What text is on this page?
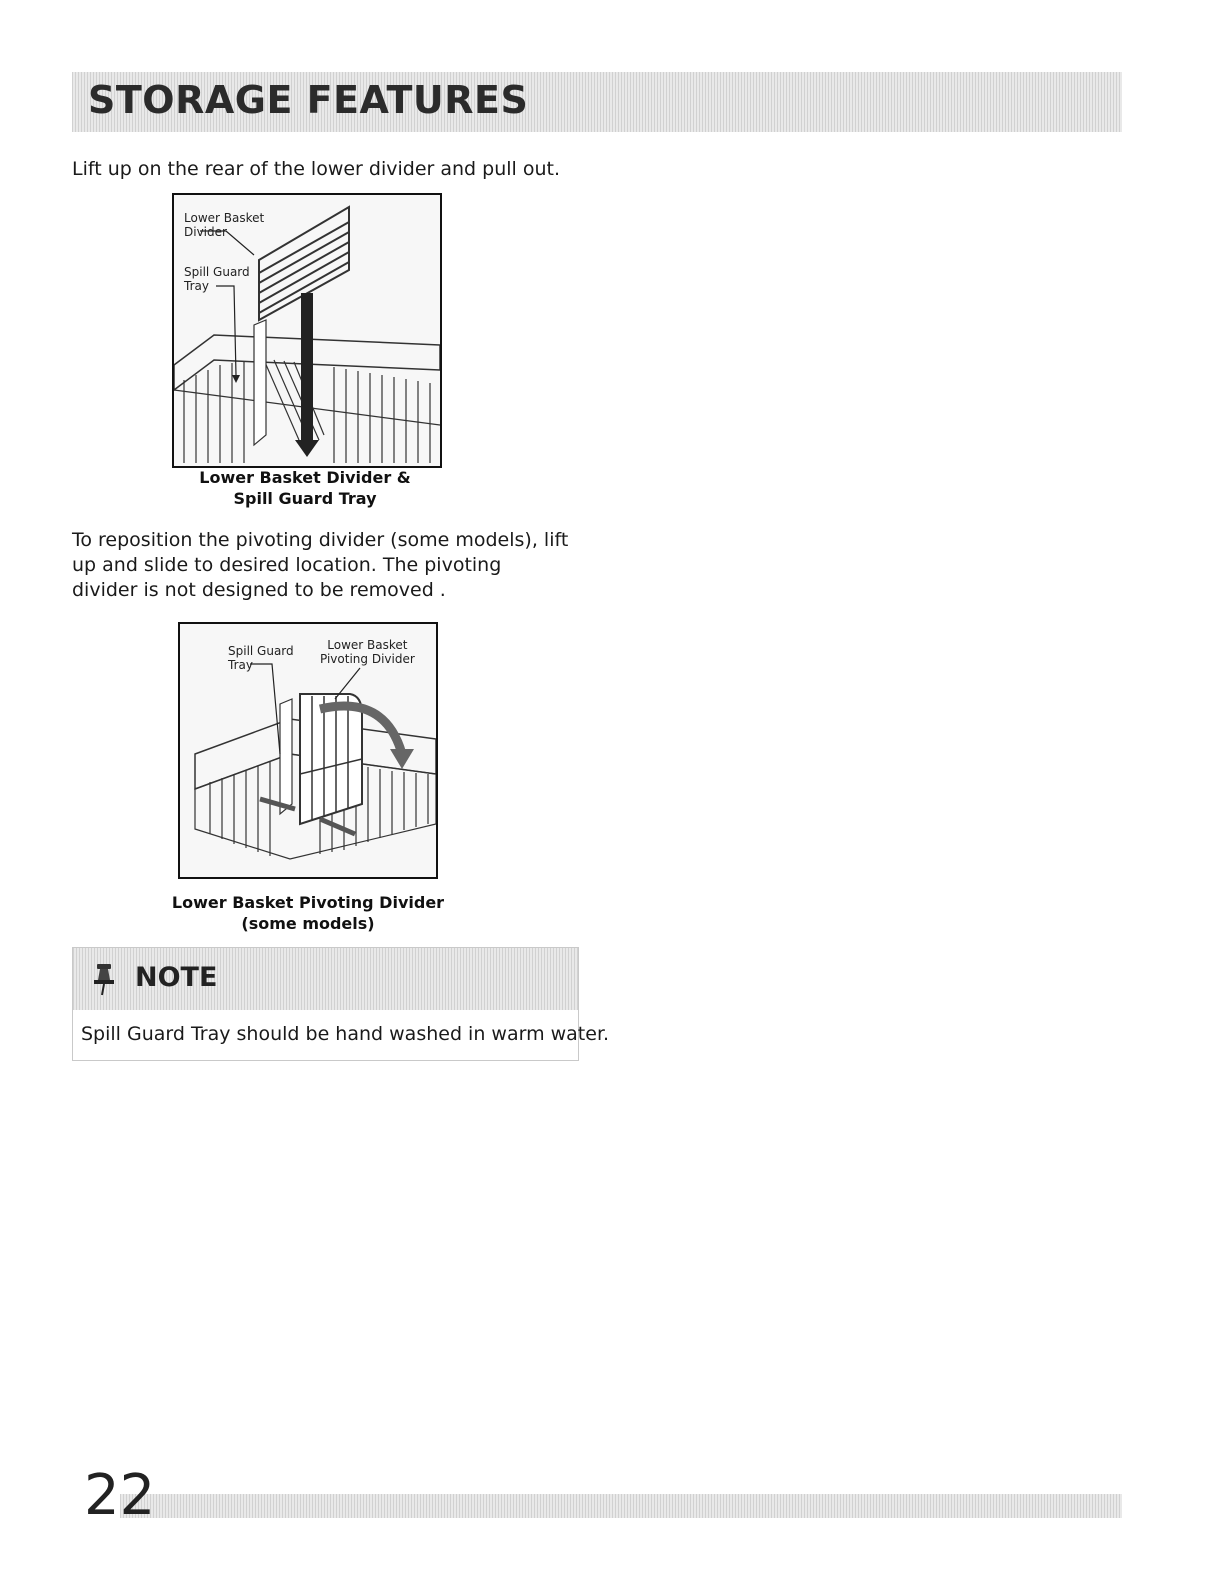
STORAGE FEATURES
Lift up on the rear of the lower divider and pull out.
Lower Basket
Divider
Spill Guard
Tray
Lower Basket Divider &
Spill Guard Tray
To reposition the pivoting divider (some models), lift up and slide to desired location. The pivoting divider is not designed to be removed .
Spill Guard
Tray
Lower Basket
Pivoting Divider
Lower Basket Pivoting Divider
(some models)
NOTE
Spill Guard Tray should be hand washed in warm water.
22
